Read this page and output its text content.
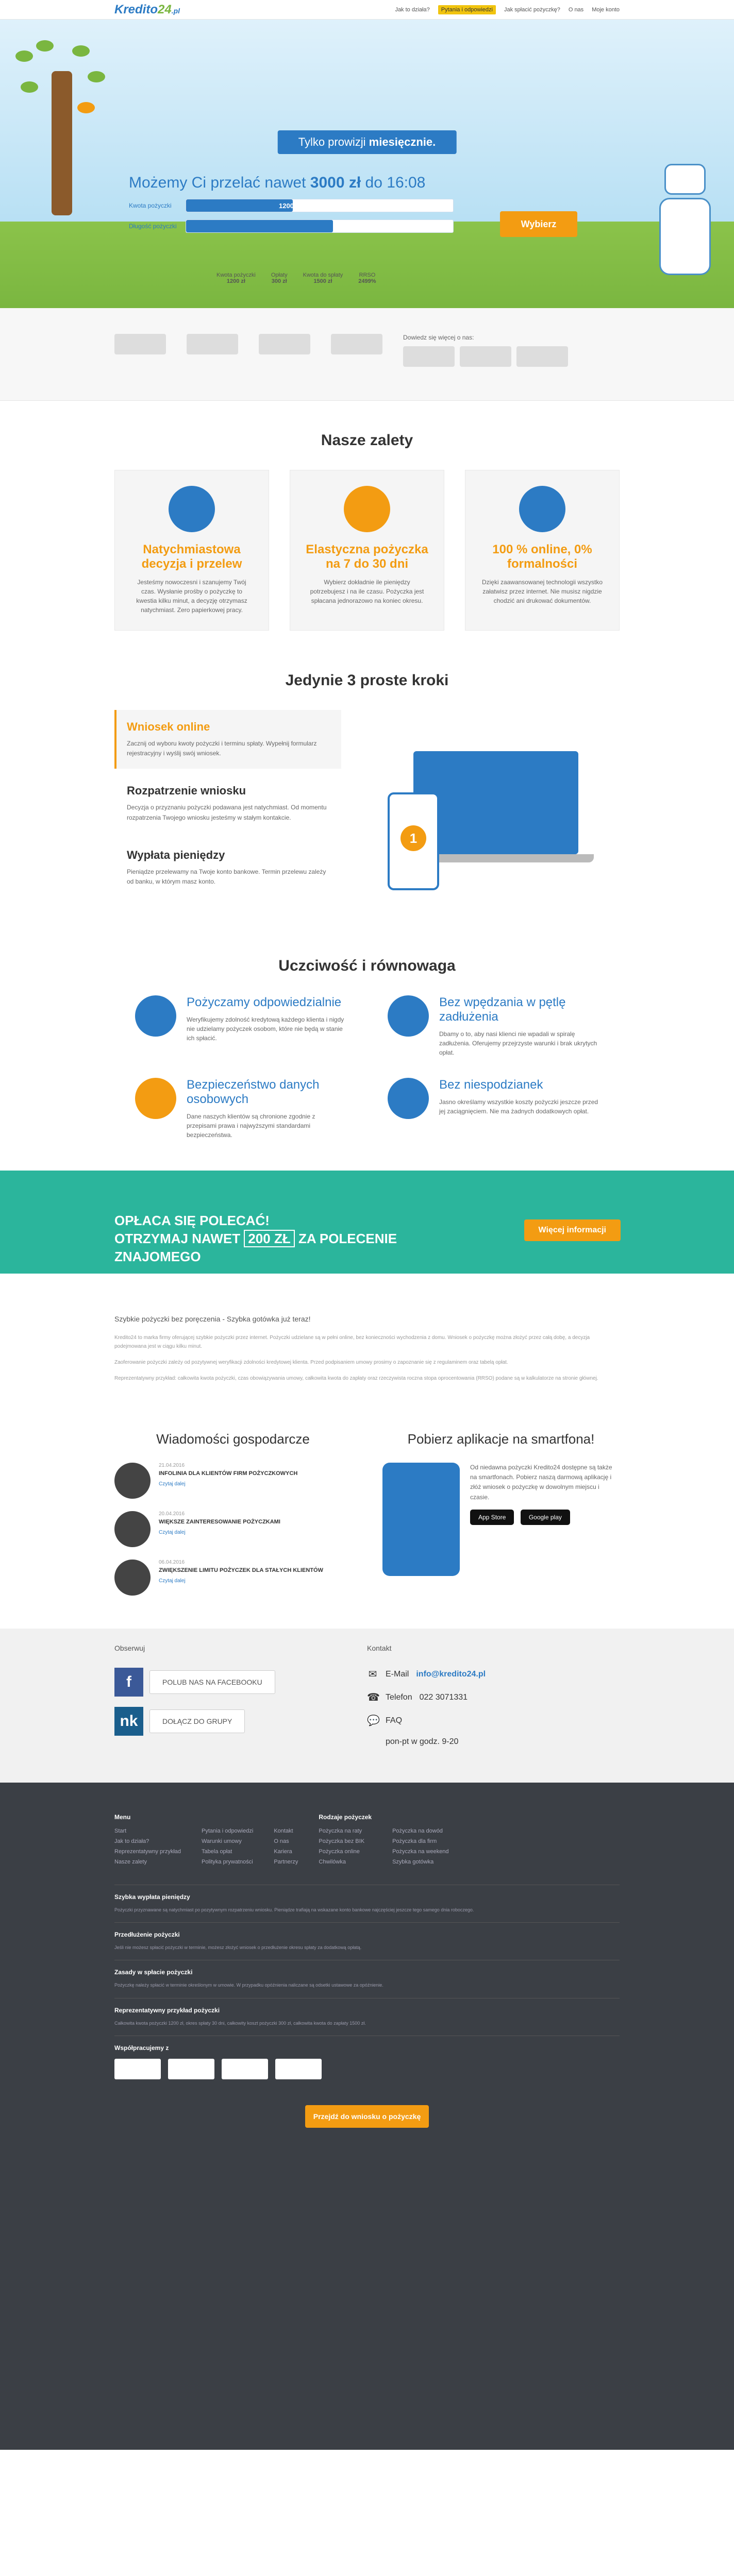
Kredito24.pl	Jak to działa?	Pytania i odpowiedzi	Jak spłacić pożyczkę? O nas Moje konto
Tylko prowizji miesięcznie.
Możemy Ci przelać nawet 3000 zł do 16:08
Kwota pożyczki	1200 zł
Długość pożyczki	10. MAJ	Wybierz
Kwota pożyczki
1200 zł
Opłaty
300 zł
Kwota do spłaty
1500 zł
RRSO
2499%
Dowiedz się więcej o nas:
Nasze zalety
Natychmiastowa decyzja i przelew

Jesteśmy nowoczesni i szanujemy Twój czas. Wysłanie prośby o pożyczkę to kwestia kilku minut, a decyzję otrzymasz natychmiast. Zero papierkowej pracy.

Elastyczna pożyczka na 7 do 30 dni

Wybierz dokładnie ile pieniędzy potrzebujesz i na ile czasu. Pożyczka jest spłacana jednorazowo na koniec okresu.

100 % online, 0% formalności

Dzięki zaawansowanej technologii wszystko załatwisz przez internet. Nie musisz nigdzie chodzić ani drukować dokumentów.

Jedynie 3 proste kroki
Wniosek online

Zacznij od wyboru kwoty pożyczki i terminu spłaty. Wypełnij formularz rejestracyjny i wyślij swój wniosek.

Rozpatrzenie wniosku

Decyzja o przyznaniu pożyczki podawana jest natychmiast. Od momentu rozpatrzenia Twojego wniosku jesteśmy w stałym kontakcie.

Wypłata pieniędzy

Pieniądze przelewamy na Twoje konto bankowe. Termin przelewu zależy od banku, w którym masz konto.

1
Uczciwość i równowaga
Pożyczamy odpowiedzialnie

Weryfikujemy zdolność kredytową każdego klienta i nigdy nie udzielamy pożyczek osobom, które nie będą w stanie ich spłacić.

Bez wpędzania w pętlę zadłużenia

Dbamy o to, aby nasi klienci nie wpadali w spiralę zadłużenia. Oferujemy przejrzyste warunki i brak ukrytych opłat.

Bezpieczeństwo danych osobowych

Dane naszych klientów są chronione zgodnie z przepisami prawa i najwyższymi standardami bezpieczeństwa.

Bez niespodzianek

Jasno określamy wszystkie koszty pożyczki jeszcze przed jej zaciągnięciem. Nie ma żadnych dodatkowych opłat.

OPŁACA SIĘ POLECAĆ!
OTRZYMAJ NAWET 200 ZŁ ZA POLECENIE
ZNAJOMEGO
Więcej informacji
Szybkie pożyczki bez poręczenia - Szybka gotówka już teraz!

Kredito24 to marka firmy oferującej szybkie pożyczki przez internet. Pożyczki udzielane są w pełni online, bez konieczności wychodzenia z domu. Wniosek o pożyczkę można złożyć przez całą dobę, a decyzja podejmowana jest w ciągu kilku minut.

Zaoferowanie pożyczki zależy od pozytywnej weryfikacji zdolności kredytowej klienta. Przed podpisaniem umowy prosimy o zapoznanie się z regulaminem oraz tabelą opłat.

Reprezentatywny przykład: całkowita kwota pożyczki, czas obowiązywania umowy, całkowita kwota do zapłaty oraz rzeczywista roczna stopa oprocentowania (RRSO) podane są w kalkulatorze na stronie głównej.

Wiadomości gospodarcze
21.04.2016
INFOLINIA DLA KLIENTÓW FIRM POŻYCZKOWYCH
Czytaj dalej
20.04.2016
WIĘKSZE ZAINTERESOWANIE POŻYCZKAMI
Czytaj dalej
06.04.2016
ZWIĘKSZENIE LIMITU POŻYCZEK DLA STAŁYCH KLIENTÓW
Czytaj dalej
Pobierz aplikacje na smartfona!

Od niedawna pożyczki Kredito24 dostępne są także na smartfonach. Pobierz naszą darmową aplikację i złóż wniosek o pożyczkę w dowolnym miejscu i czasie.

App Store	Google play
Obserwuj
f	POLUB NAS NA FACEBOOKU
nk	DOŁĄCZ DO GRUPY
Kontakt
✉ E-Mail info@kredito24.pl
☎ Telefon 022 3071331
💬 FAQ
pon-pt w godz. 9-20
Menu
Start
Jak to działa?
Reprezentatywny przykład
Nasze zalety

Pytania i odpowiedzi
Warunki umowy
Tabela opłat
Polityka prywatności

Kontakt
O nas
Kariera
Partnerzy
Rodzaje pożyczek
Pożyczka na raty
Pożyczka bez BIK
Pożyczka online
Chwilówka

Pożyczka na dowód
Pożyczka dla firm
Pożyczka na weekend
Szybka gotówka
Szybka wypłata pieniędzy

Pożyczki przyznawane są natychmiast po pozytywnym rozpatrzeniu wniosku. Pieniądze trafiają na wskazane konto bankowe najczęściej jeszcze tego samego dnia roboczego.

Przedłużenie pożyczki

Jeśli nie możesz spłacić pożyczki w terminie, możesz złożyć wniosek o przedłużenie okresu spłaty za dodatkową opłatą.

Zasady w spłacie pożyczki

Pożyczkę należy spłacić w terminie określonym w umowie. W przypadku opóźnienia naliczane są odsetki ustawowe za opóźnienie.

Reprezentatywny przykład pożyczki

Całkowita kwota pożyczki 1200 zł, okres spłaty 30 dni, całkowity koszt pożyczki 300 zł, całkowita kwota do zapłaty 1500 zł.

Współpracujemy z
Przejdź do wniosku o pożyczkę
